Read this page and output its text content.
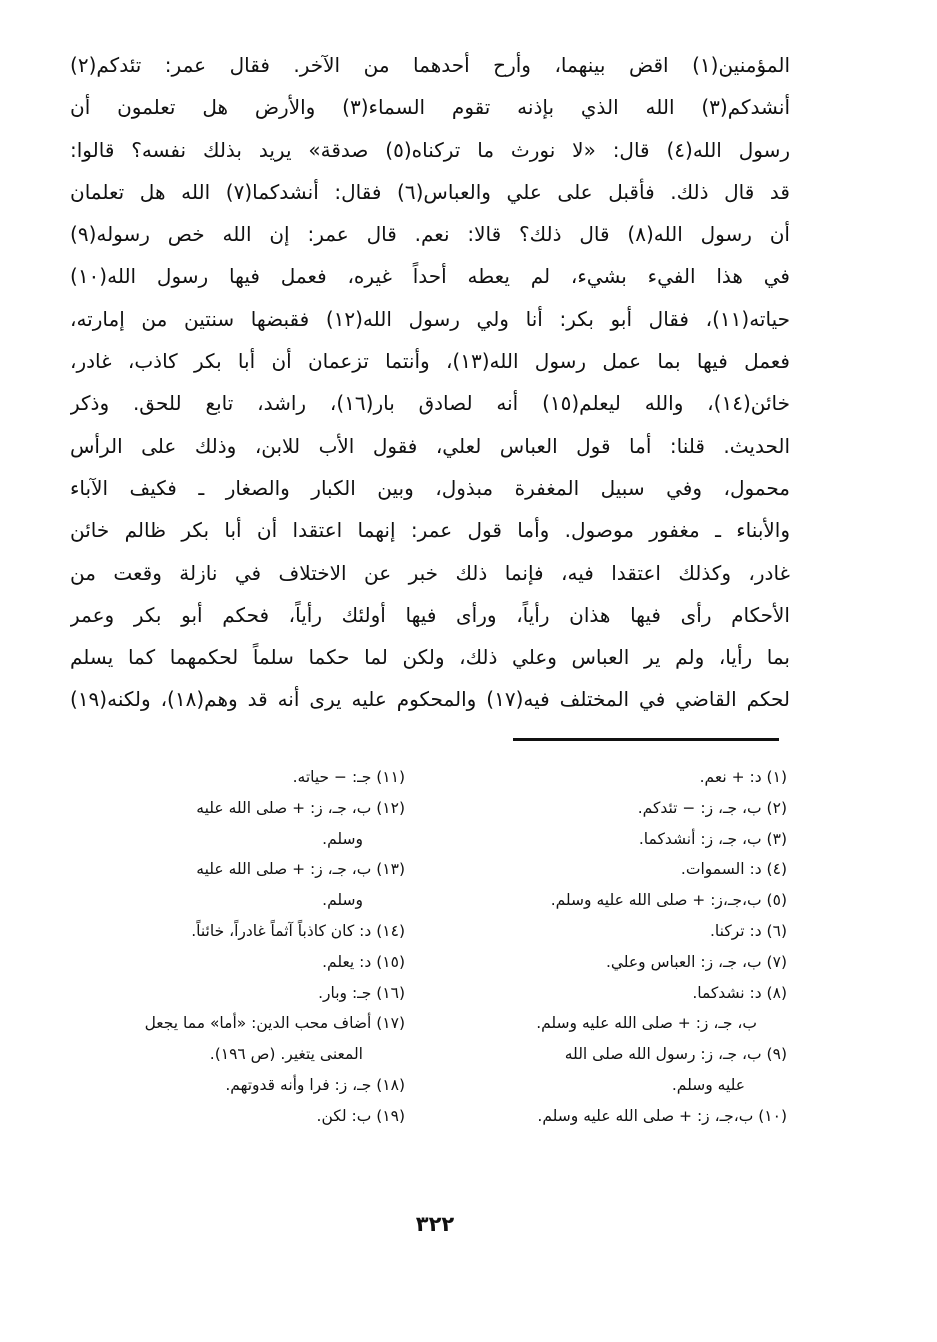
المؤمنين(١) اقض بينهما، وأرح أحدهما من الآخر. فقال عمر: تئدكم(٢)
أنشدكم(٣) الله الذي بإذنه تقوم السماء(٣) والأرض هل تعلمون أن
رسول الله(٤) قال: «لا نورث ما تركناه(٥) صدقة» يريد بذلك نفسه؟ قالوا:
قد قال ذلك. فأقبل على علي والعباس(٦) فقال: أنشدكما(٧) الله هل تعلمان
أن رسول الله(٨) قال ذلك؟ قالا: نعم. قال عمر: إن الله خص رسوله(٩)
في هذا الفيء بشيء، لم يعطه أحداً غيره، فعمل فيها رسول الله(١٠)
حياته(١١)، فقال أبو بكر: أنا ولي رسول الله(١٢) فقبضها سنتين من إمارته،
فعمل فيها بما عمل رسول الله(١٣)، وأنتما تزعمان أن أبا بكر كاذب، غادر،
خائن(١٤)، والله ليعلم(١٥) أنه لصادق بار(١٦)، راشد، تابع للحق. وذكر
الحديث. قلنا: أما قول العباس لعلي، فقول الأب للابن، وذلك على الرأس
محمول، وفي سبيل المغفرة مبذول، وبين الكبار والصغار ـ فكيف الآباء
والأبناء ـ مغفور موصول. وأما قول عمر: إنهما اعتقدا أن أبا بكر ظالم خائن
غادر، وكذلك اعتقدا فيه، فإنما ذلك خبر عن الاختلاف في نازلة وقعت من
الأحكام رأى فيها هذان رأياً، ورأى فيها أولئك رأياً، فحكم أبو بكر وعمر
بما رأيا، ولم ير العباس وعلي ذلك، ولكن لما حكما سلماً لحكمهما كما يسلم
لحكم القاضي في المختلف فيه(١٧) والمحكوم عليه يرى أنه قد وهم(١٨)، ولكنه(١٩)
(١) د: + نعم.
(٢) ب، جـ، ز: − تئدكم.
(٣) ب، جـ، ز: أنشدكما.
(٤) د: السموات.
(٥) ب،جـ،ز: + صلى الله عليه وسلم.
(٦) د: تركنا.
(٧) ب، جـ، ز: العباس وعلي.
(٨) د: نشدكما.
ب، جـ، ز: + صلى الله عليه وسلم.
(٩) ب، جـ، ز: رسول الله صلى الله
عليه وسلم.
(١٠) ب،جـ، ز: + صلى الله عليه وسلم.
(١١) جـ: − حياته.
(١٢) ب، جـ، ز: + صلى الله عليه
وسلم.
(١٣) ب، جـ، ز: + صلى الله عليه
وسلم.
(١٤) د: كان كاذباً آثماً غادراً، خائناً.
(١٥) د: يعلم.
(١٦) جـ: وبار.
(١٧) أضاف محب الدين: «أما» مما يجعل
المعنى يتغير. (ص ١٩٦).
(١٨) جـ، ز: فرا وأنه قدوتهم.
(١٩) ب: لكن.
٣٢٢
